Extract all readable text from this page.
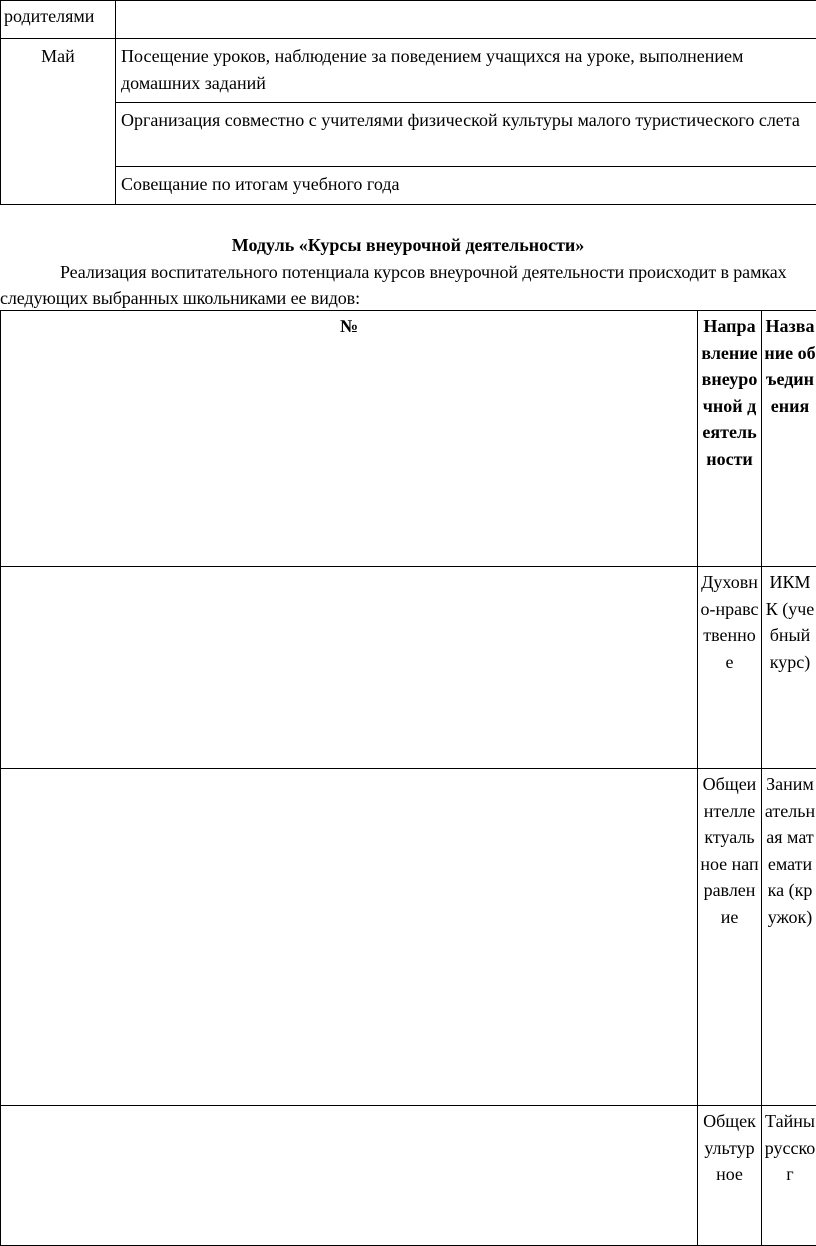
родителями	
Май	Посещение уроков, наблюдение за поведением учащихся на уроке, выполнением домашних заданий
	Организация совместно с учителями физической культуры малого туристического слета
	Совещание по итогам учебного года

Модуль «Курсы внеурочной деятельности»

Реализация воспитательного потенциала курсов внеурочной деятельности происходит в рамках следующих выбранных школьниками ее видов:

№	Направление внеурочной деятельности	Название объединения
	Духовно-нравственное	ИКМК (учебный курс)
	Общеинтеллектуальное направление	Занимательная математика (кружок)
	Общекультурное	Тайны русског
